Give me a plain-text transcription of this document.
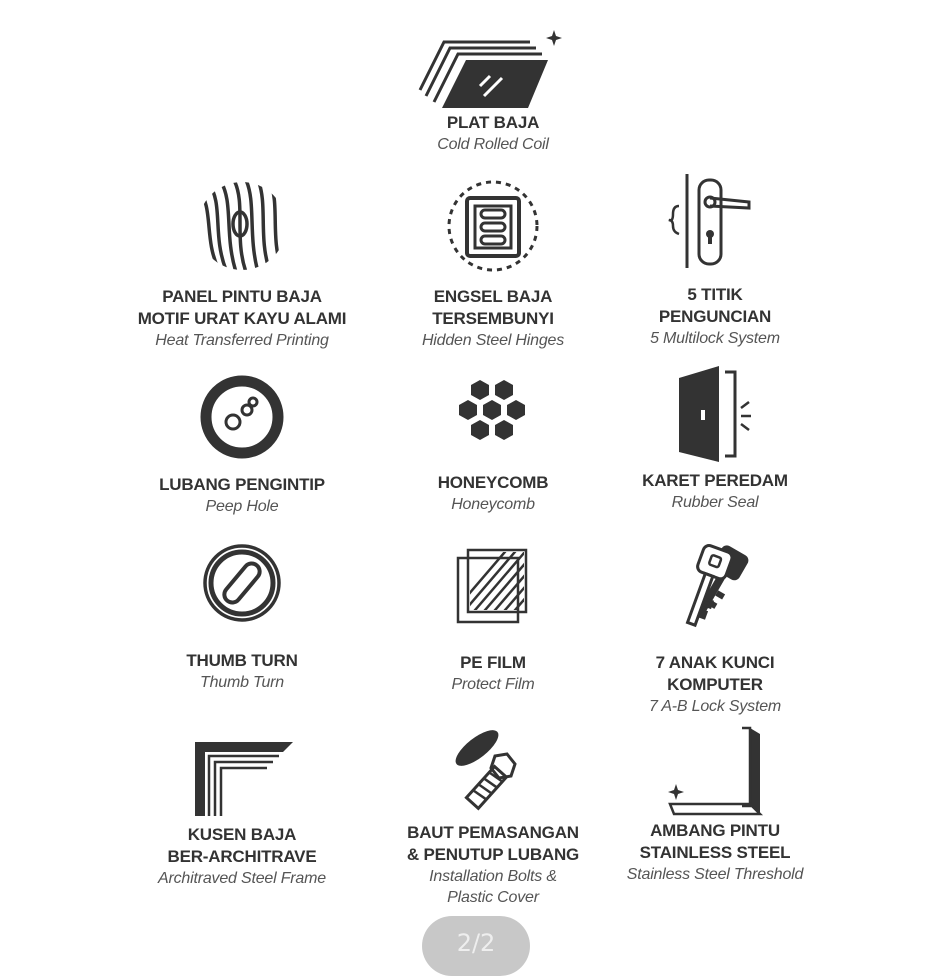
PLAT BAJA
Cold Rolled Coil
PANEL PINTU BAJA
MOTIF URAT KAYU ALAMI
Heat Transferred Printing
ENGSEL BAJA
TERSEMBUNYI
Hidden Steel Hinges
5 TITIK
PENGUNCIAN
5 Multilock System
LUBANG PENGINTIP
Peep Hole
HONEYCOMB
Honeycomb
KARET PEREDAM
Rubber Seal
THUMB TURN
Thumb Turn
PE FILM
Protect Film
7 ANAK KUNCI
KOMPUTER
7 A-B Lock System
KUSEN BAJA
BER-ARCHITRAVE
Architraved Steel Frame
BAUT PEMASANGAN
& PENUTUP LUBANG
Installation Bolts &
Plastic Cover
AMBANG PINTU
STAINLESS STEEL
Stainless Steel Threshold
2/2
